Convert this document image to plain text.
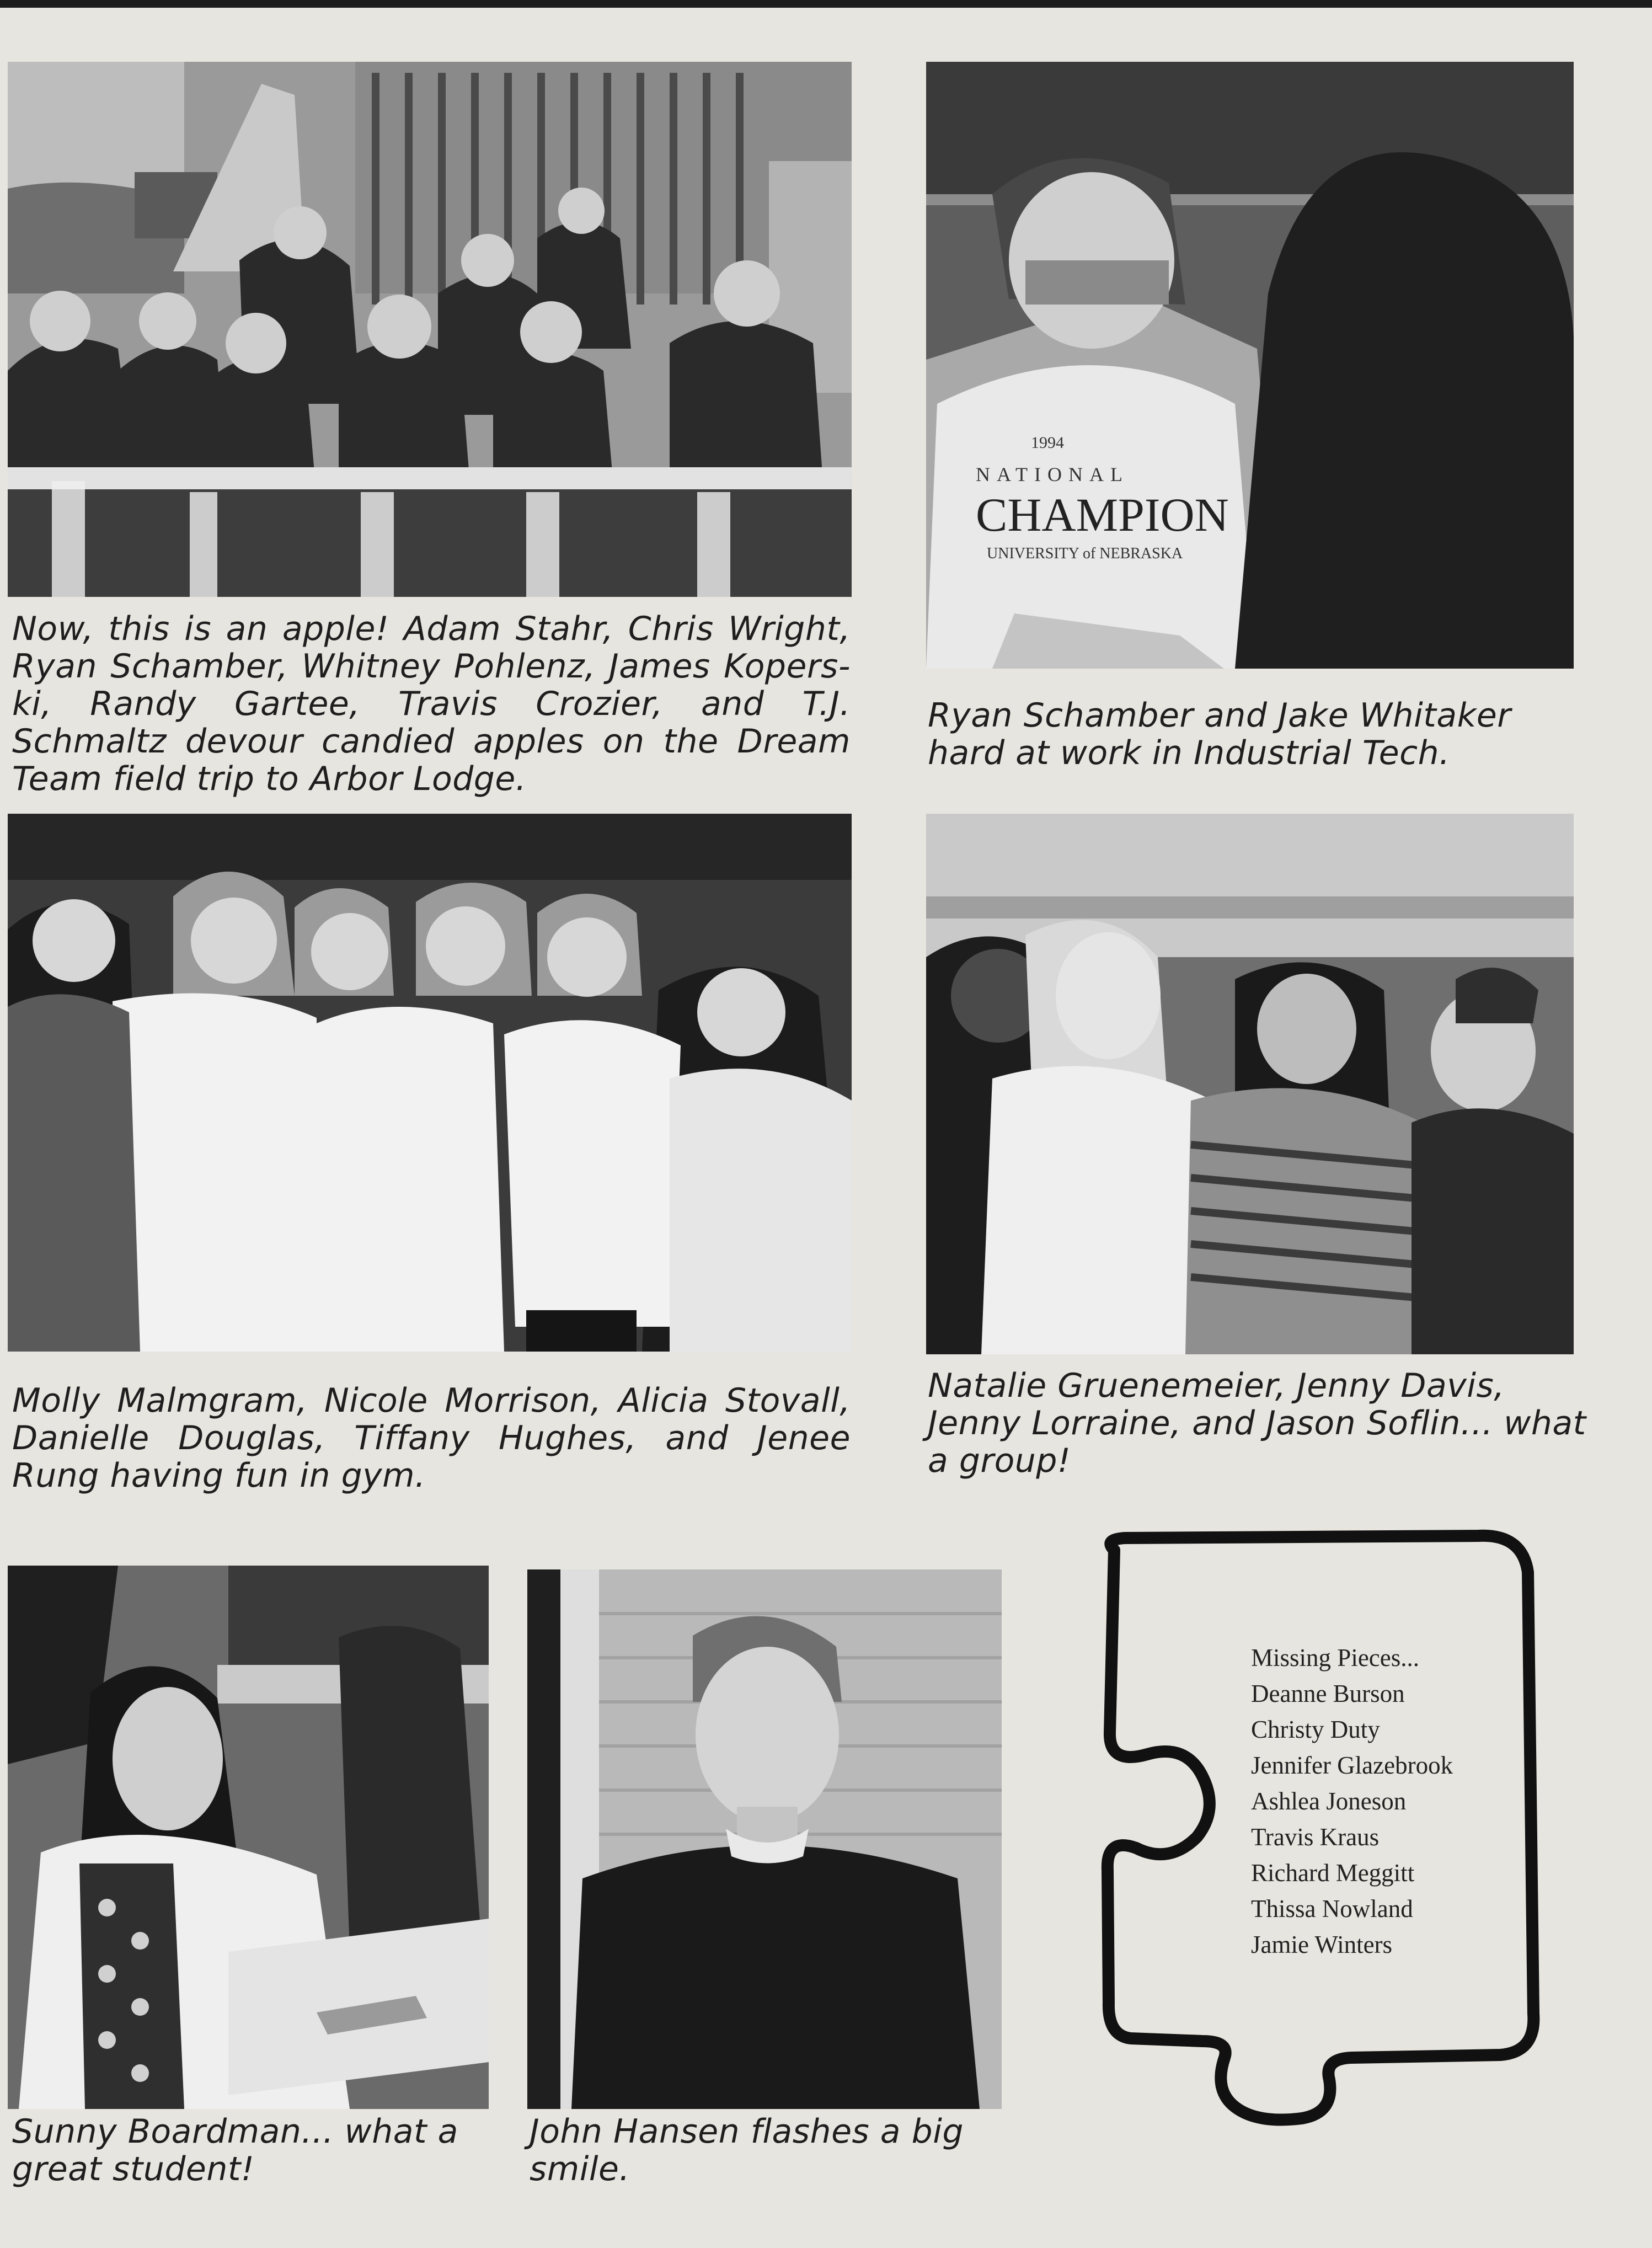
Now, this is an apple! Adam Stahr, Chris Wright, Ryan Schamber, Whitney Pohlenz, James Kopers-ki, Randy Gartee, Travis Crozier, and T.J. Schmaltz devour candied apples on the Dream Team field trip to Arbor Lodge.

1994
NATIONAL
CHAMPION
UNIVERSITY of NEBRASKA

Ryan Schamber and Jake Whitaker hard at work in Industrial Tech.

Molly Malmgram, Nicole Morrison, Alicia Stovall, Danielle Douglas, Tiffany Hughes, and Jenee Rung having fun in gym.

Natalie Gruenemeier, Jenny Davis, Jenny Lorraine, and Jason Soflin... what a group!

Sunny Boardman... what a great student!

John Hansen flashes a big smile.

Missing Pieces...
Deanne Burson
Christy Duty
Jennifer Glazebrook
Ashlea Joneson
Travis Kraus
Richard Meggitt
Thissa Nowland
Jamie Winters
